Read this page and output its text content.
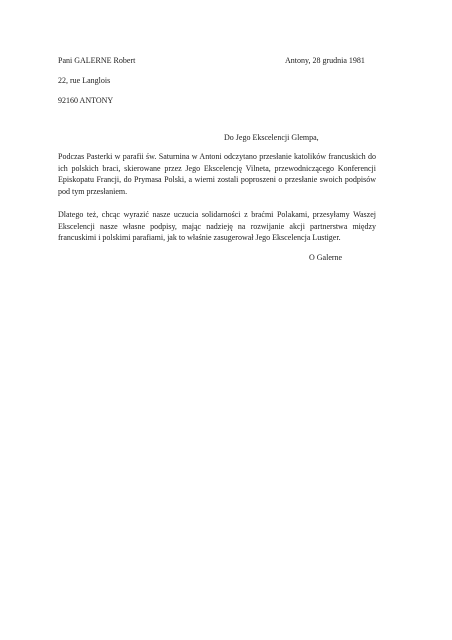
Pani GALERNE Robert	Antony, 28 grudnia 1981
22, rue Langlois
92160 ANTONY
Do Jego Ekscelencji Glempa,

Podczas Pasterki w parafii św. Saturnina w Antoni odczytano przesłanie katolików francuskich do ich polskich braci, skierowane przez Jego Ekscelencję Vilneta, przewodniczącego Konferencji Episkopatu Francji, do Prymasa Polski, a wierni zostali poproszeni o przesłanie swoich podpisów pod tym przesłaniem.

Dlatego też, chcąc wyrazić nasze uczucia solidarności z braćmi Polakami, przesyłamy Waszej Ekscelencji nasze własne podpisy, mając nadzieję na rozwijanie akcji partnerstwa między francuskimi i polskimi parafiami, jak to właśnie zasugerował Jego Ekscelencja Lustiger.

O Galerne
